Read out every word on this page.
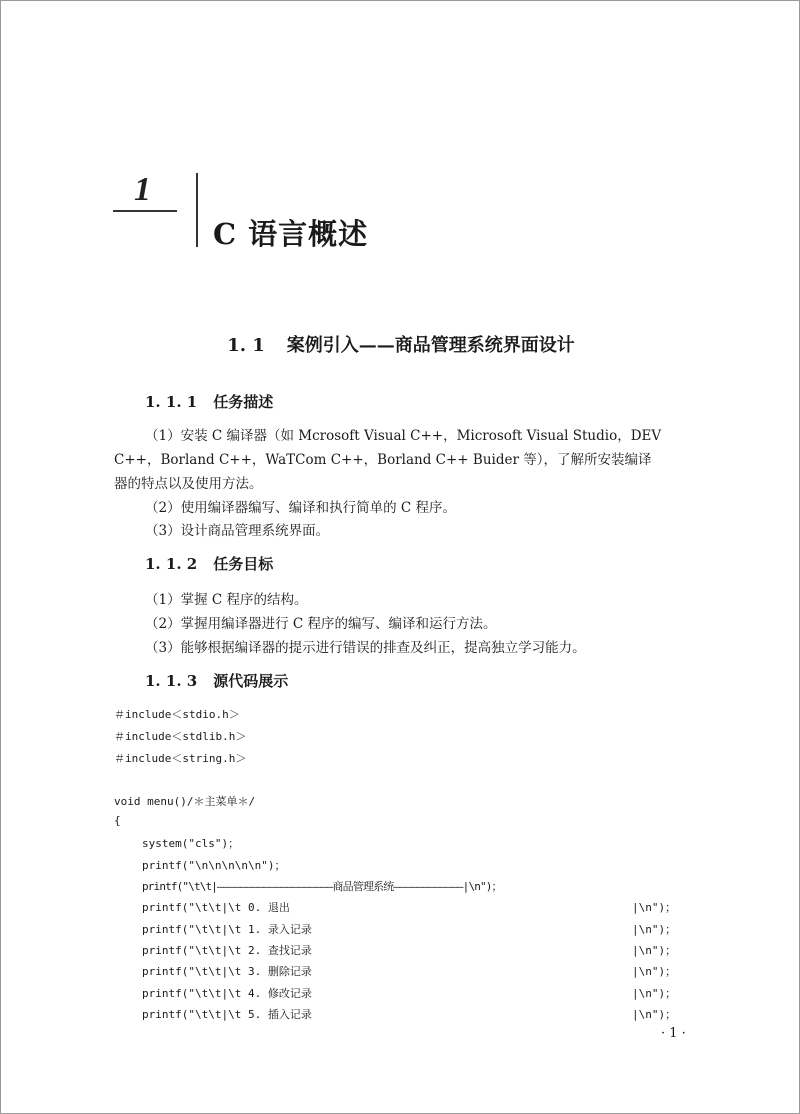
1
C 语言概述
1. 1 案例引入——商品管理系统界面设计
1. 1. 1 任务描述
（1）安装 C 编译器（如 Mcrosoft Visual C++，Microsoft Visual Studio，DEV
C++，Borland C++，WaTCom C++，Borland C++ Buider 等），了解所安装编译
器的特点以及使用方法。
（2）使用编译器编写、编译和执行简单的 C 程序。
（3）设计商品管理系统界面。
1. 1. 2 任务目标
（1）掌握 C 程序的结构。
（2）掌握用编译器进行 C 程序的编写、编译和运行方法。
（3）能够根据编译器的提示进行错误的排查及纠正，提高独立学习能力。
1. 1. 3 源代码展示
＃include＜stdio.h＞
＃include＜stdlib.h＞
＃include＜string.h＞
void menu()/＊主菜单＊/
{
system("cls")；
printf("\n\n\n\n\n")；
printf("\t\t|————————————————————商品管理系统————————————|\n")；
printf("\t\t|\t 0. 退出	|\n")；
printf("\t\t|\t 1. 录入记录	|\n")；
printf("\t\t|\t 2. 查找记录	|\n")；
printf("\t\t|\t 3. 删除记录	|\n")；
printf("\t\t|\t 4. 修改记录	|\n")；
printf("\t\t|\t 5. 插入记录	|\n")；
· 1 ·
